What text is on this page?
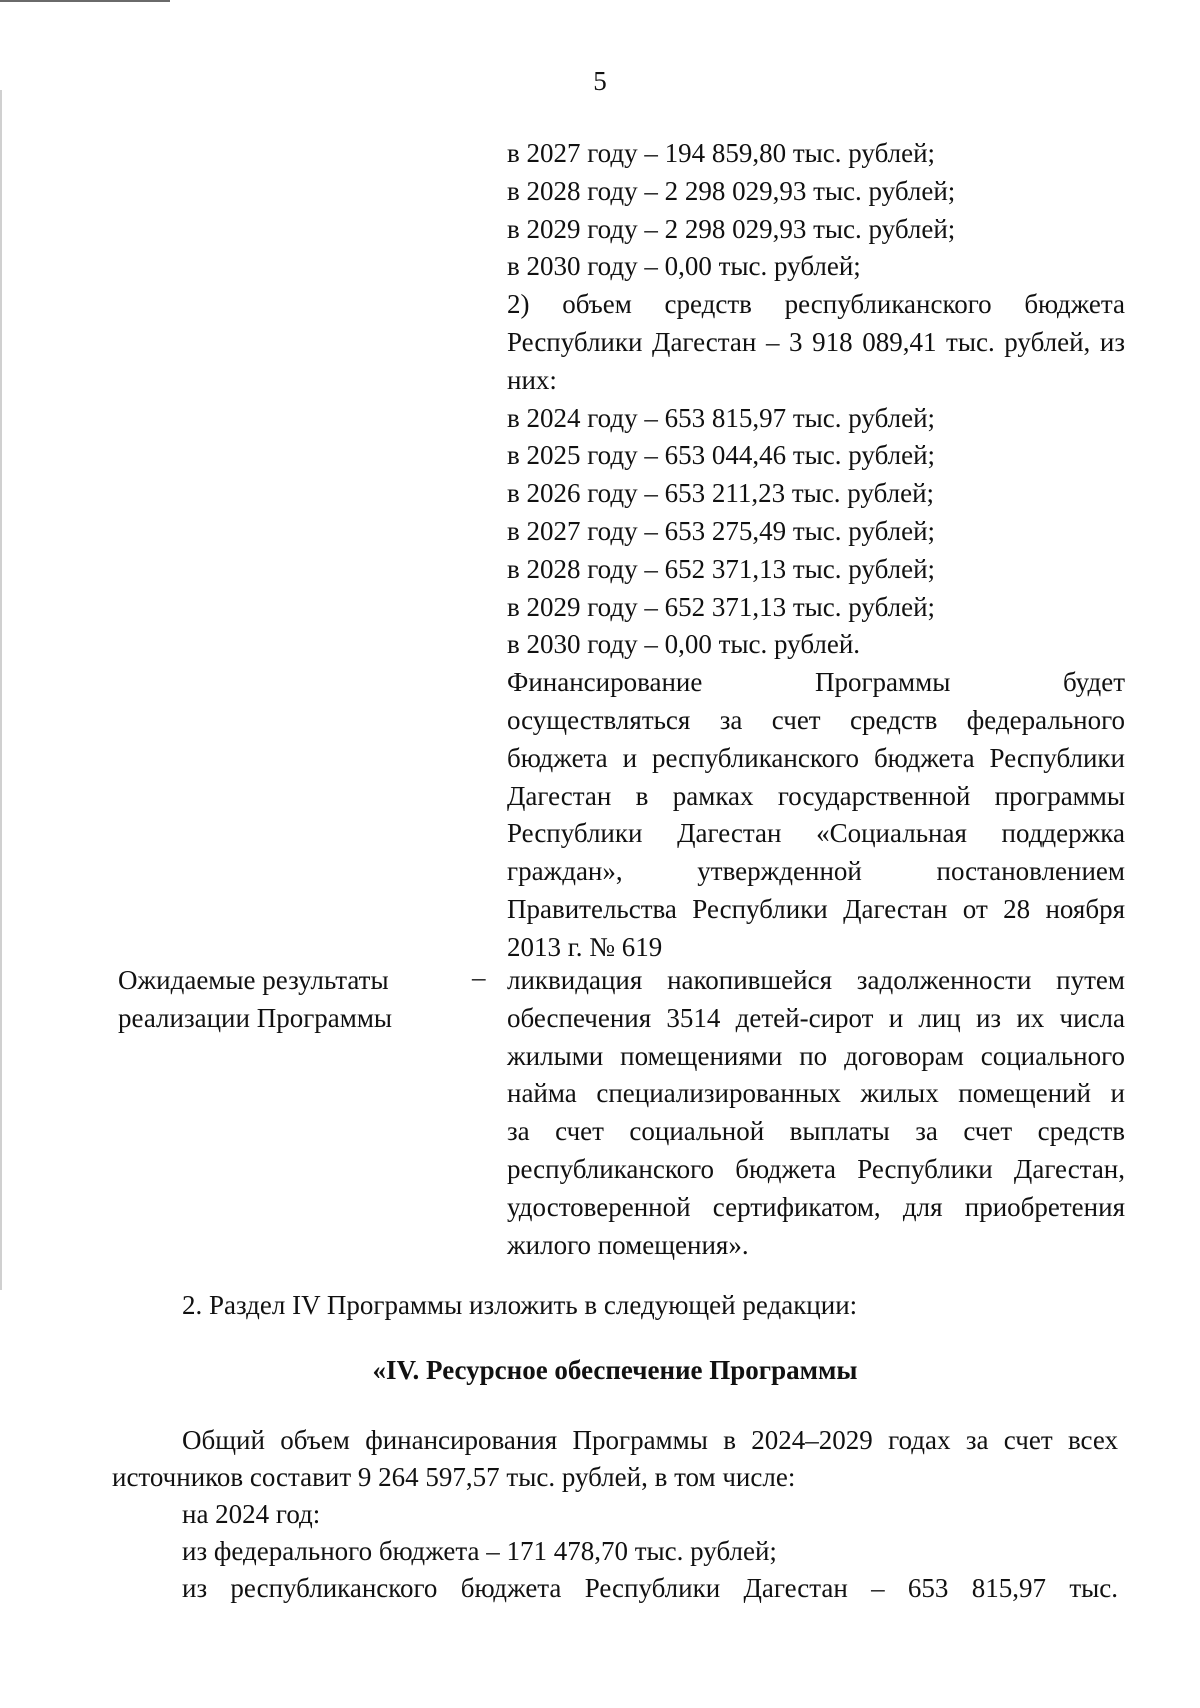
5
в 2027 году – 194 859,80 тыс. рублей;
в 2028 году – 2 298 029,93 тыс. рублей;
в 2029 году – 2 298 029,93 тыс. рублей;
в 2030 году – 0,00 тыс. рублей;
2) объем средств республиканского бюджета
Республики Дагестан – 3 918 089,41 тыс. рублей, из
них:
в 2024 году – 653 815,97 тыс. рублей;
в 2025 году – 653 044,46 тыс. рублей;
в 2026 году – 653 211,23 тыс. рублей;
в 2027 году – 653 275,49 тыс. рублей;
в 2028 году – 652 371,13 тыс. рублей;
в 2029 году – 652 371,13 тыс. рублей;
в 2030 году – 0,00 тыс. рублей.
Финансирование Программы будет
осуществляться за счет средств федерального
бюджета и республиканского бюджета Республики
Дагестан в рамках государственной программы
Республики Дагестан «Социальная поддержка
граждан», утвержденной постановлением
Правительства Республики Дагестан от 28 ноября
2013 г. № 619
Ожидаемые результаты
реализации Программы
– ликвидация накопившейся задолженности путем
обеспечения 3514 детей-сирот и лиц из их числа
жилыми помещениями по договорам социального
найма специализированных жилых помещений и
за счет социальной выплаты за счет средств
республиканского бюджета Республики Дагестан,
удостоверенной сертификатом, для приобретения
жилого помещения».
2. Раздел IV Программы изложить в следующей редакции:
«IV. Ресурсное обеспечение Программы
Общий объем финансирования Программы в 2024–2029 годах за счет всех
источников составит 9 264 597,57 тыс. рублей, в том числе:
на 2024 год:
из федерального бюджета – 171 478,70 тыс. рублей;
из республиканского бюджета Республики Дагестан – 653 815,97 тыс.
